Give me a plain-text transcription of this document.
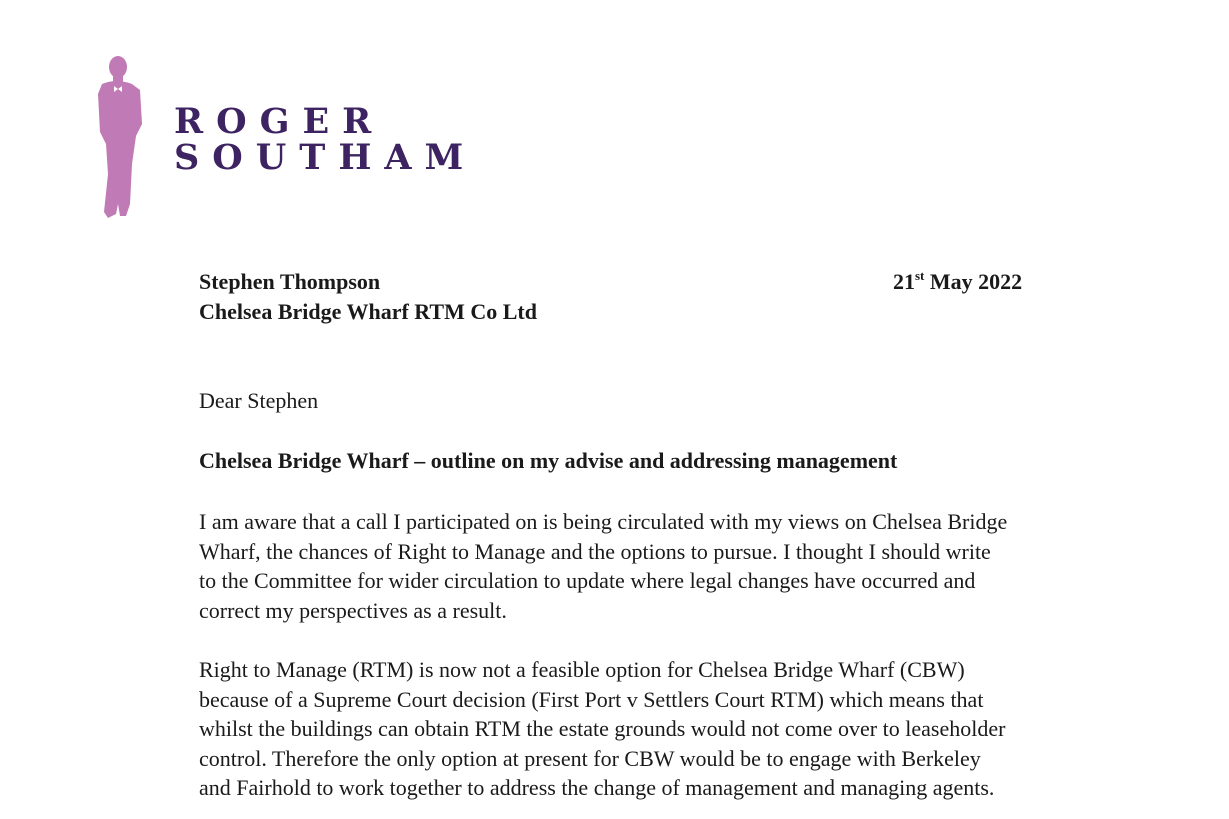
ROGER
SOUTHAM
Stephen Thompson
Chelsea Bridge Wharf RTM Co Ltd
21st May 2022
Dear Stephen
Chelsea Bridge Wharf – outline on my advise and addressing management
I am aware that a call I participated on is being circulated with my views on Chelsea Bridge
Wharf, the chances of Right to Manage and the options to pursue. I thought I should write
to the Committee for wider circulation to update where legal changes have occurred and
correct my perspectives as a result.
Right to Manage (RTM) is now not a feasible option for Chelsea Bridge Wharf (CBW)
because of a Supreme Court decision (First Port v Settlers Court RTM) which means that
whilst the buildings can obtain RTM the estate grounds would not come over to leaseholder
control. Therefore the only option at present for CBW would be to engage with Berkeley
and Fairhold to work together to address the change of management and managing agents.
